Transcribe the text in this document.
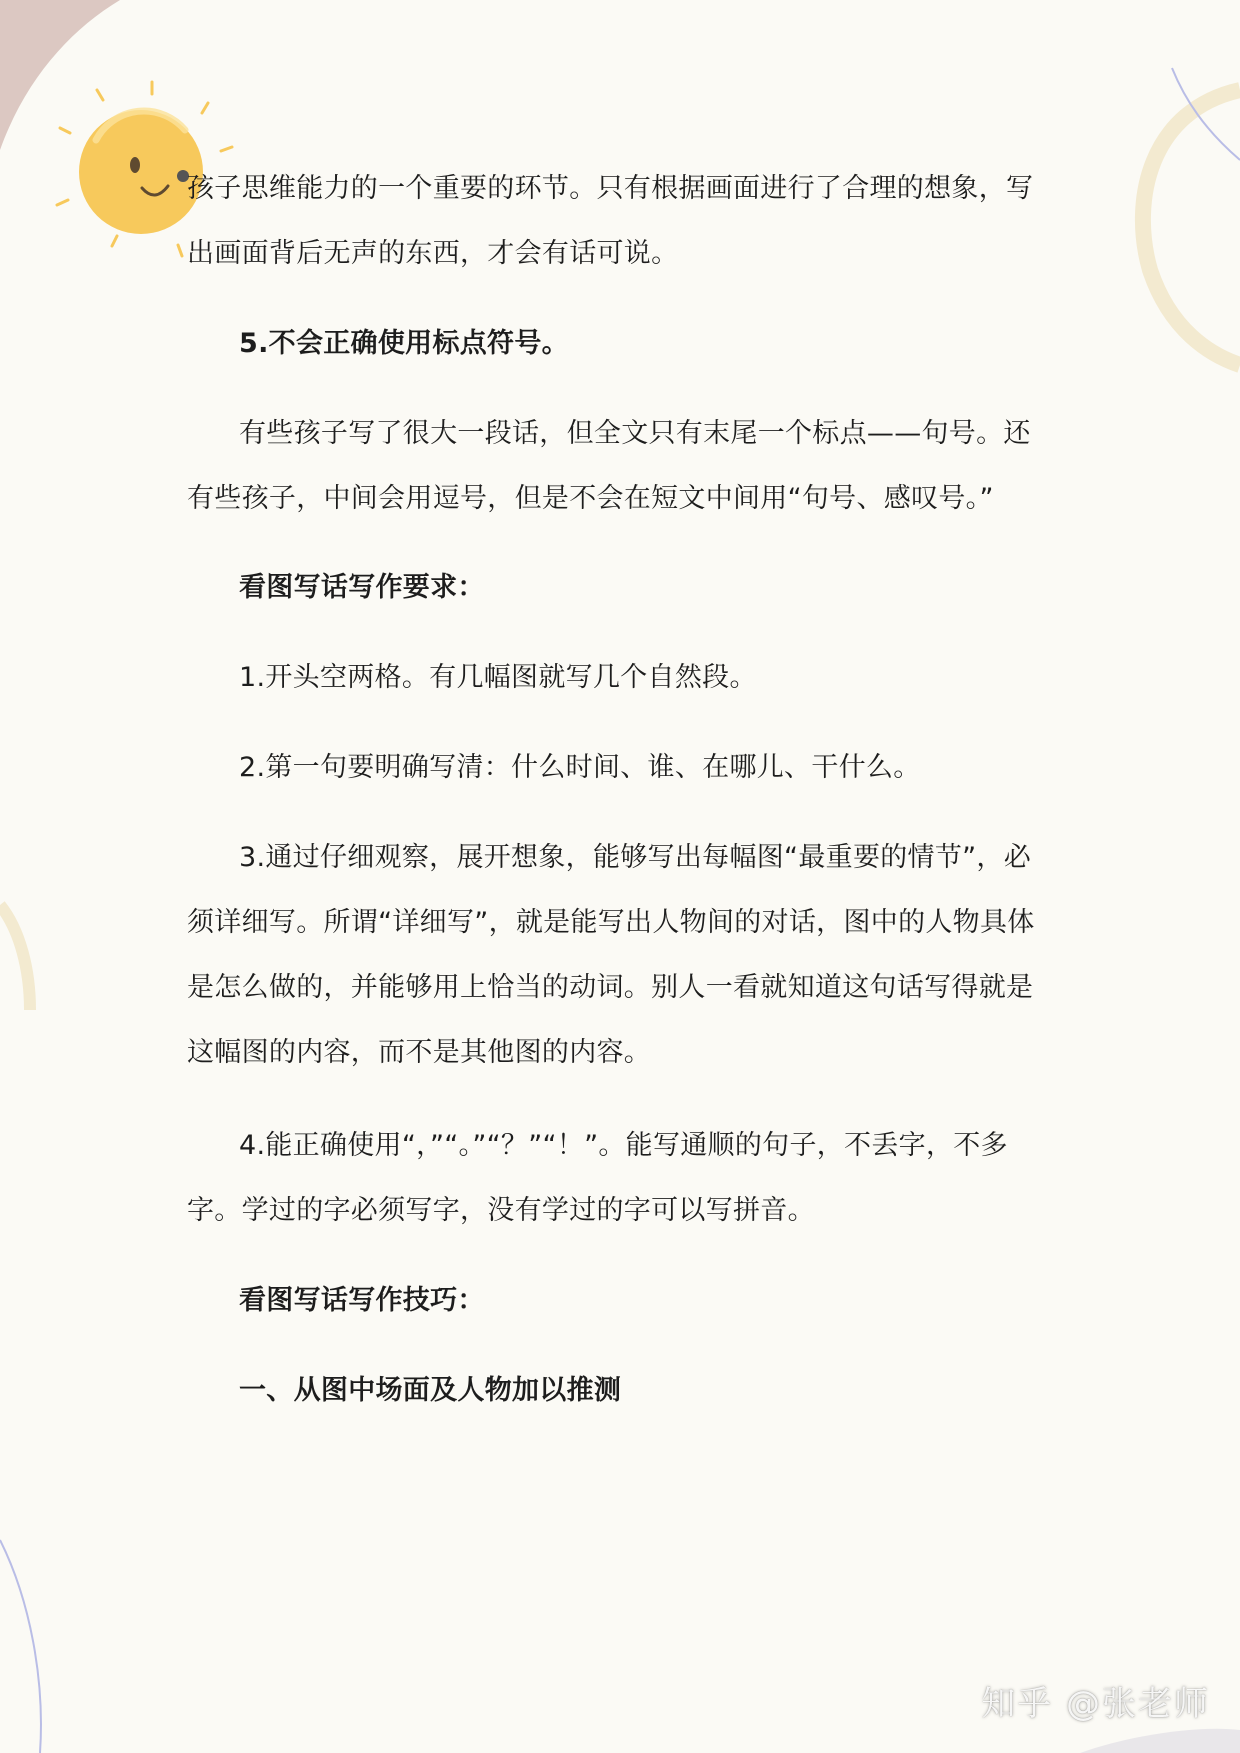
孩子思维能力的一个重要的环节。只有根据画面进行了合理的想象，写出画面背后无声的东西，才会有话可说。

5.不会正确使用标点符号。

有些孩子写了很大一段话，但全文只有末尾一个标点——句号。还有些孩子，中间会用逗号，但是不会在短文中间用“句号、感叹号。”

看图写话写作要求：

1.开头空两格。有几幅图就写几个自然段。

2.第一句要明确写清：什么时间、谁、在哪儿、干什么。

3.通过仔细观察，展开想象，能够写出每幅图“最重要的情节”，必须详细写。所谓“详细写”，就是能写出人物间的对话，图中的人物具体是怎么做的，并能够用上恰当的动词。别人一看就知道这句话写得就是这幅图的内容，而不是其他图的内容。

4.能正确使用“，”“。”“？”“！”。能写通顺的句子，不丢字，不多字。学过的字必须写字，没有学过的字可以写拼音。

看图写话写作技巧：

一、从图中场面及人物加以推测

知乎 @张老师
